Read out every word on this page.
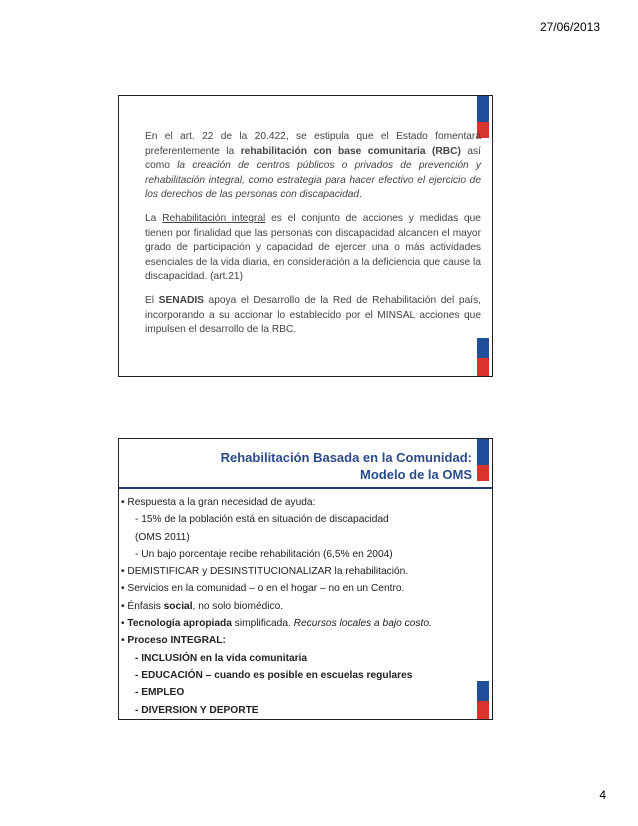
27/06/2013

En el art. 22 de la 20.422, se estipula que el Estado fomentará preferentemente la rehabilitación con base comunitaria (RBC) así como la creación de centros públicos o privados de prevención y rehabilitación integral, como estrategia para hacer efectivo el ejercicio de los derechos de las personas con discapacidad.

La Rehabilitación integral es el conjunto de acciones y medidas que tienen por finalidad que las personas con discapacidad alcancen el mayor grado de participación y capacidad de ejercer una o más actividades esenciales de la vida diaria, en consideración a la deficiencia que cause la discapacidad. (art.21)

El SENADIS apoya el Desarrollo de la Red de Rehabilitación del país, incorporando a su accionar lo establecido por el MINSAL acciones que impulsen el desarrollo de la RBC.

Rehabilitación Basada en la Comunidad:
Modelo de la OMS
• Respuesta a la gran necesidad de ayuda:
- 15% de la población está en situación de discapacidad
(OMS 2011)
- Un bajo porcentaje recibe rehabilitación (6,5% en 2004)
• DEMISTIFICAR y DESINSTITUCIONALIZAR la rehabilitación.
• Servicios en la comunidad – o en el hogar – no en un Centro.
• Énfasis social, no solo biomédico.
• Tecnología apropiada simplificada. Recursos locales a bajo costo.
• Proceso INTEGRAL:
- INCLUSIÓN en la vida comunitaria
- EDUCACIÓN – cuando es posible en escuelas regulares
- EMPLEO
- DIVERSION Y DEPORTE
4
